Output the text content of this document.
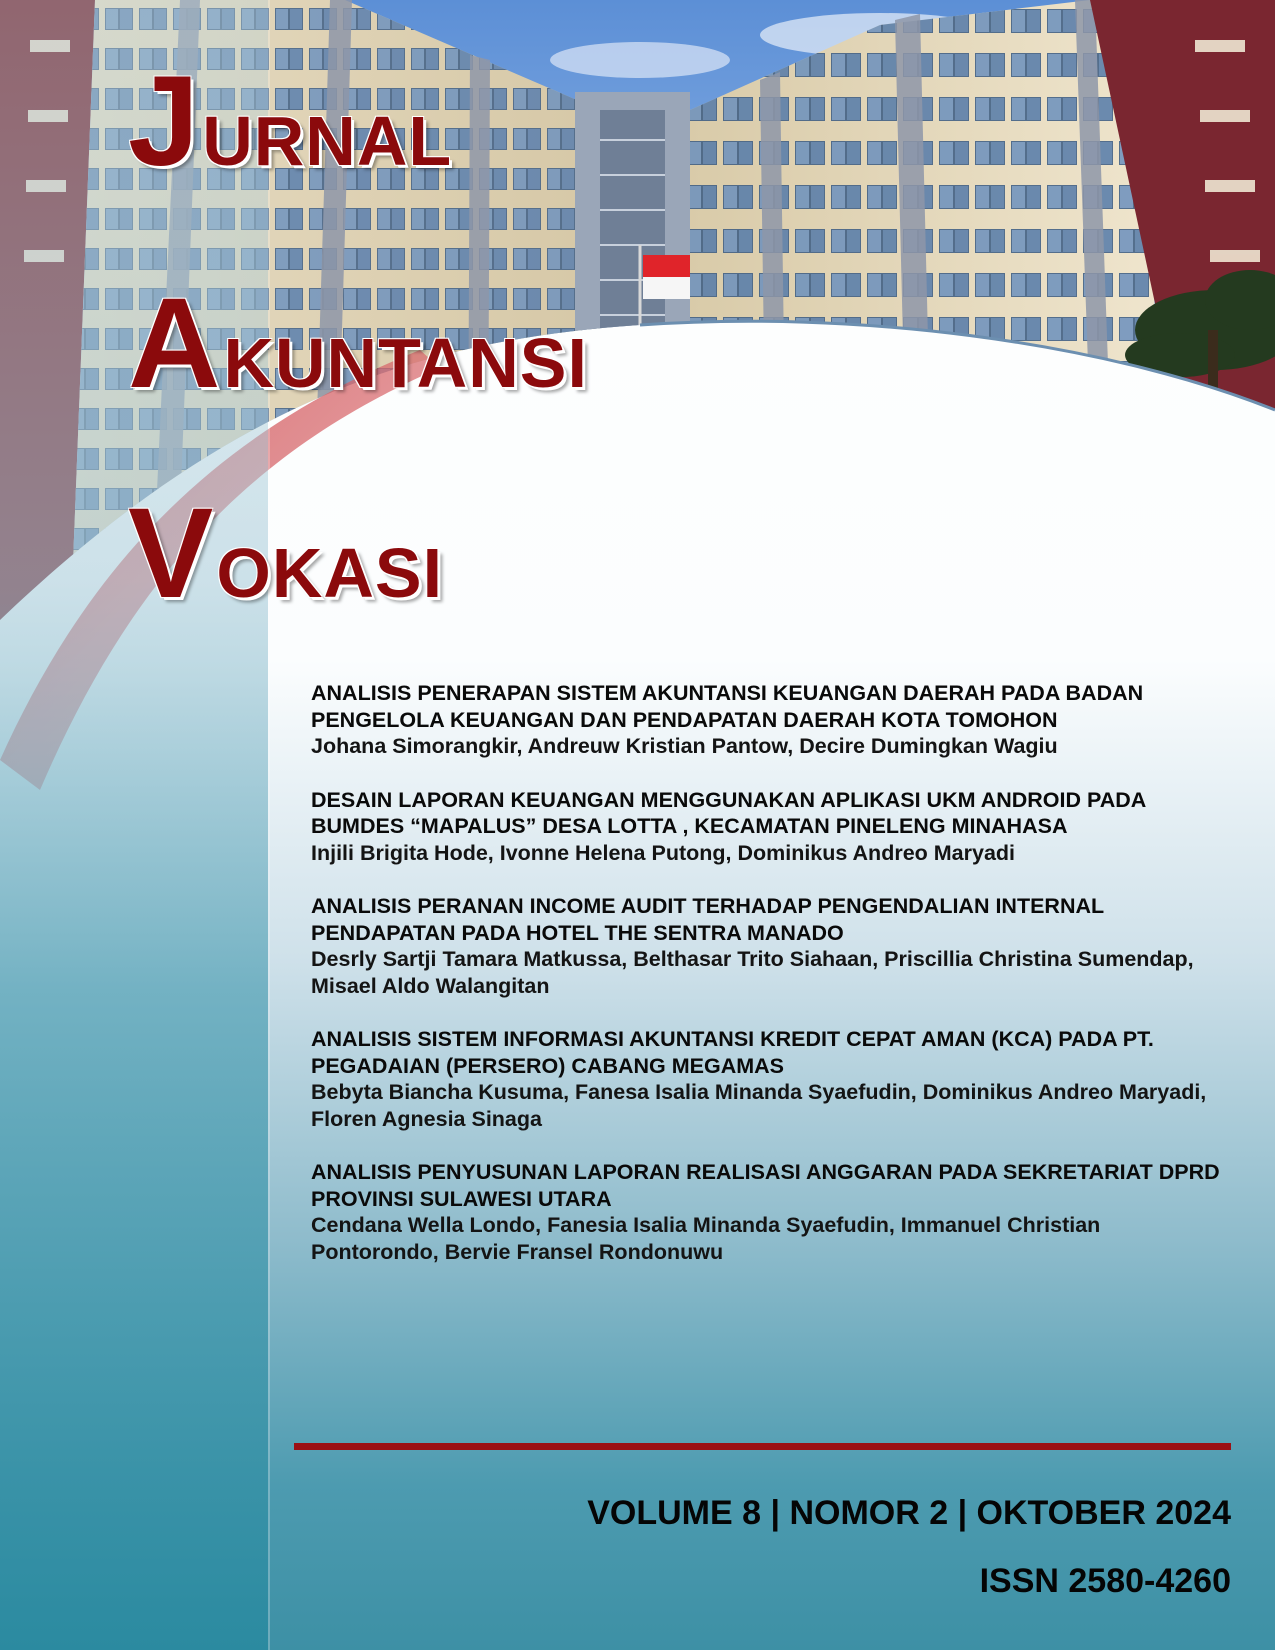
JURNAL
AKUNTANSI
VOKASI
ANALISIS PENERAPAN SISTEM AKUNTANSI KEUANGAN DAERAH PADA BADAN PENGELOLA KEUANGAN DAN PENDAPATAN DAERAH KOTA TOMOHON
Johana Simorangkir, Andreuw Kristian Pantow, Decire Dumingkan Wagiu
DESAIN LAPORAN KEUANGAN MENGGUNAKAN APLIKASI UKM ANDROID PADA BUMDES “MAPALUS” DESA LOTTA , KECAMATAN PINELENG MINAHASA
Injili Brigita Hode, Ivonne Helena Putong, Dominikus Andreo Maryadi
ANALISIS PERANAN INCOME AUDIT TERHADAP PENGENDALIAN INTERNAL PENDAPATAN PADA HOTEL THE SENTRA MANADO
Desrly Sartji Tamara Matkussa, Belthasar Trito Siahaan, Priscillia Christina Sumendap, Misael Aldo Walangitan
ANALISIS SISTEM INFORMASI AKUNTANSI KREDIT CEPAT AMAN (KCA) PADA PT. PEGADAIAN (PERSERO) CABANG MEGAMAS
Bebyta Biancha Kusuma, Fanesa Isalia Minanda Syaefudin, Dominikus Andreo Maryadi, Floren Agnesia Sinaga
ANALISIS PENYUSUNAN LAPORAN REALISASI ANGGARAN PADA SEKRETARIAT DPRD PROVINSI SULAWESI UTARA
Cendana Wella Londo, Fanesia Isalia Minanda Syaefudin, Immanuel Christian Pontorondo, Bervie Fransel Rondonuwu
VOLUME 8 | NOMOR 2 | OKTOBER 2024
ISSN 2580-4260
